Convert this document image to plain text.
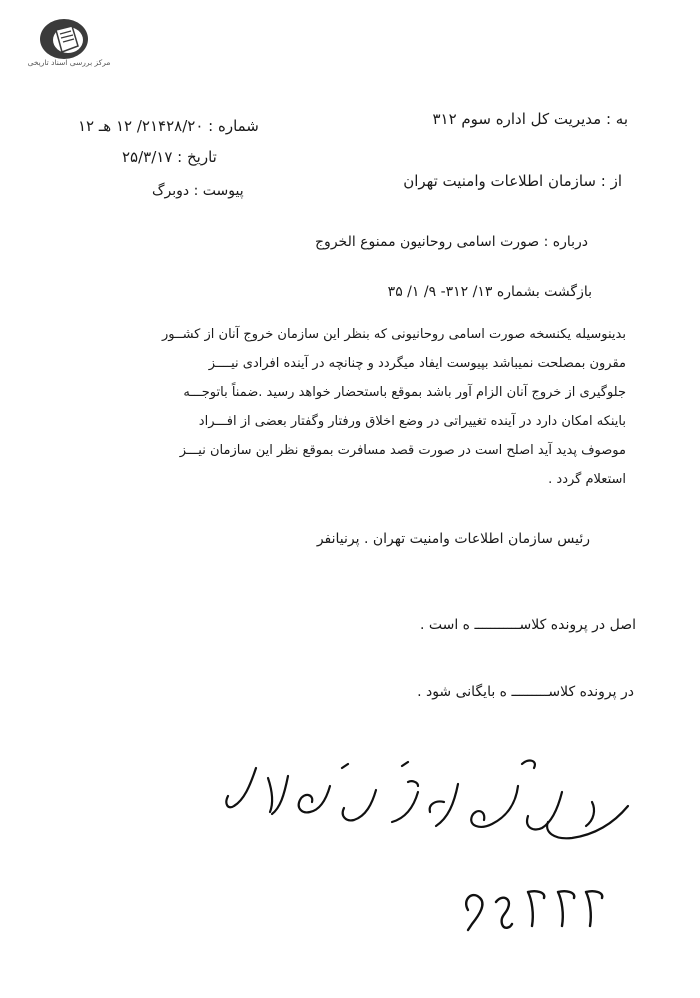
مرکز بررسی اسناد تاریخی
به : مدیریت کل اداره سوم ۳۱۲
شماره : ۲۱۴۲۸/۲۰/ ۱۲ هـ ۱۲
تاریخ : ۲۵/۳/۱۷
از : سازمان اطلاعات وامنیت تهران
پیوست : دوبرگ
درباره : صورت اسامی روحانیون ممنوع الخروج
بازگشت بشماره ۱۳/ ۳۱۲- ۹/ ۱/ ۳۵
بدینوسیله یکنسخه صورت اسامی روحانیونی که بنظر این سازمان خروج آنان از کشــور
مقرون بمصلحت نمیباشد بپیوست ایفاد میگردد و چنانچه در آینده افرادی نیــــز
جلوگیری از خروج آنان الزام آور باشد بموقع باستحضار خواهد رسید .ضمناً باتوجـــه
باینکه امکان دارد در آینده تغییراتی در وضع اخلاق ورفتار وگفتار بعضی از افـــراد
موصوف پدید آید اصلح است در صورت قصد مسافرت بموقع نظر این سازمان نیـــز
استعلام گردد .
رئیس سازمان اطلاعات وامنیت تهران . پرنیانفر
اصل در پرونده کلاســـــــــــ ه است .
در پرونده کلاســـــــــ ه بایگانی شود .
